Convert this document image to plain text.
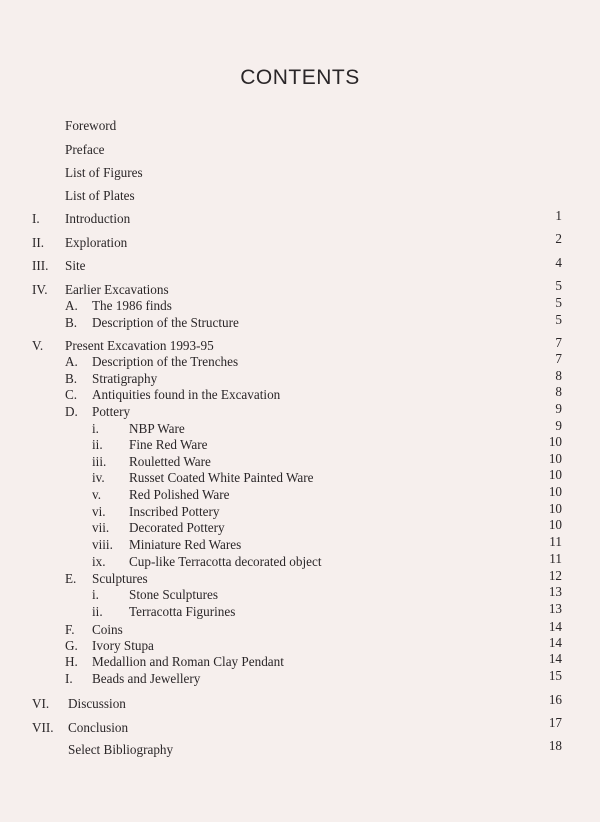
CONTENTS
Foreword
Preface
List of Figures
List of Plates
I. Introduction	1
II. Exploration	2
III. Site	4
IV. Earlier Excavations	5
A. The 1986 finds	5
B. Description of the Structure	5
V. Present Excavation 1993-95	7
A. Description of the Trenches	7
B. Stratigraphy	8
C. Antiquities found in the Excavation	8
D. Pottery	9
i. NBP Ware	9
ii. Fine Red Ware	10
iii. Rouletted Ware	10
iv. Russet Coated White Painted Ware	10
v. Red Polished Ware	10
vi. Inscribed Pottery	10
vii. Decorated Pottery	10
viii. Miniature Red Wares	11
ix. Cup-like Terracotta decorated object	11
E. Sculptures	12
i. Stone Sculptures	13
ii. Terracotta Figurines	13
F. Coins	14
G. Ivory Stupa	14
H. Medallion and Roman Clay Pendant	14
I. Beads and Jewellery	15
VI. Discussion	16
VII. Conclusion	17
Select Bibliography	18
